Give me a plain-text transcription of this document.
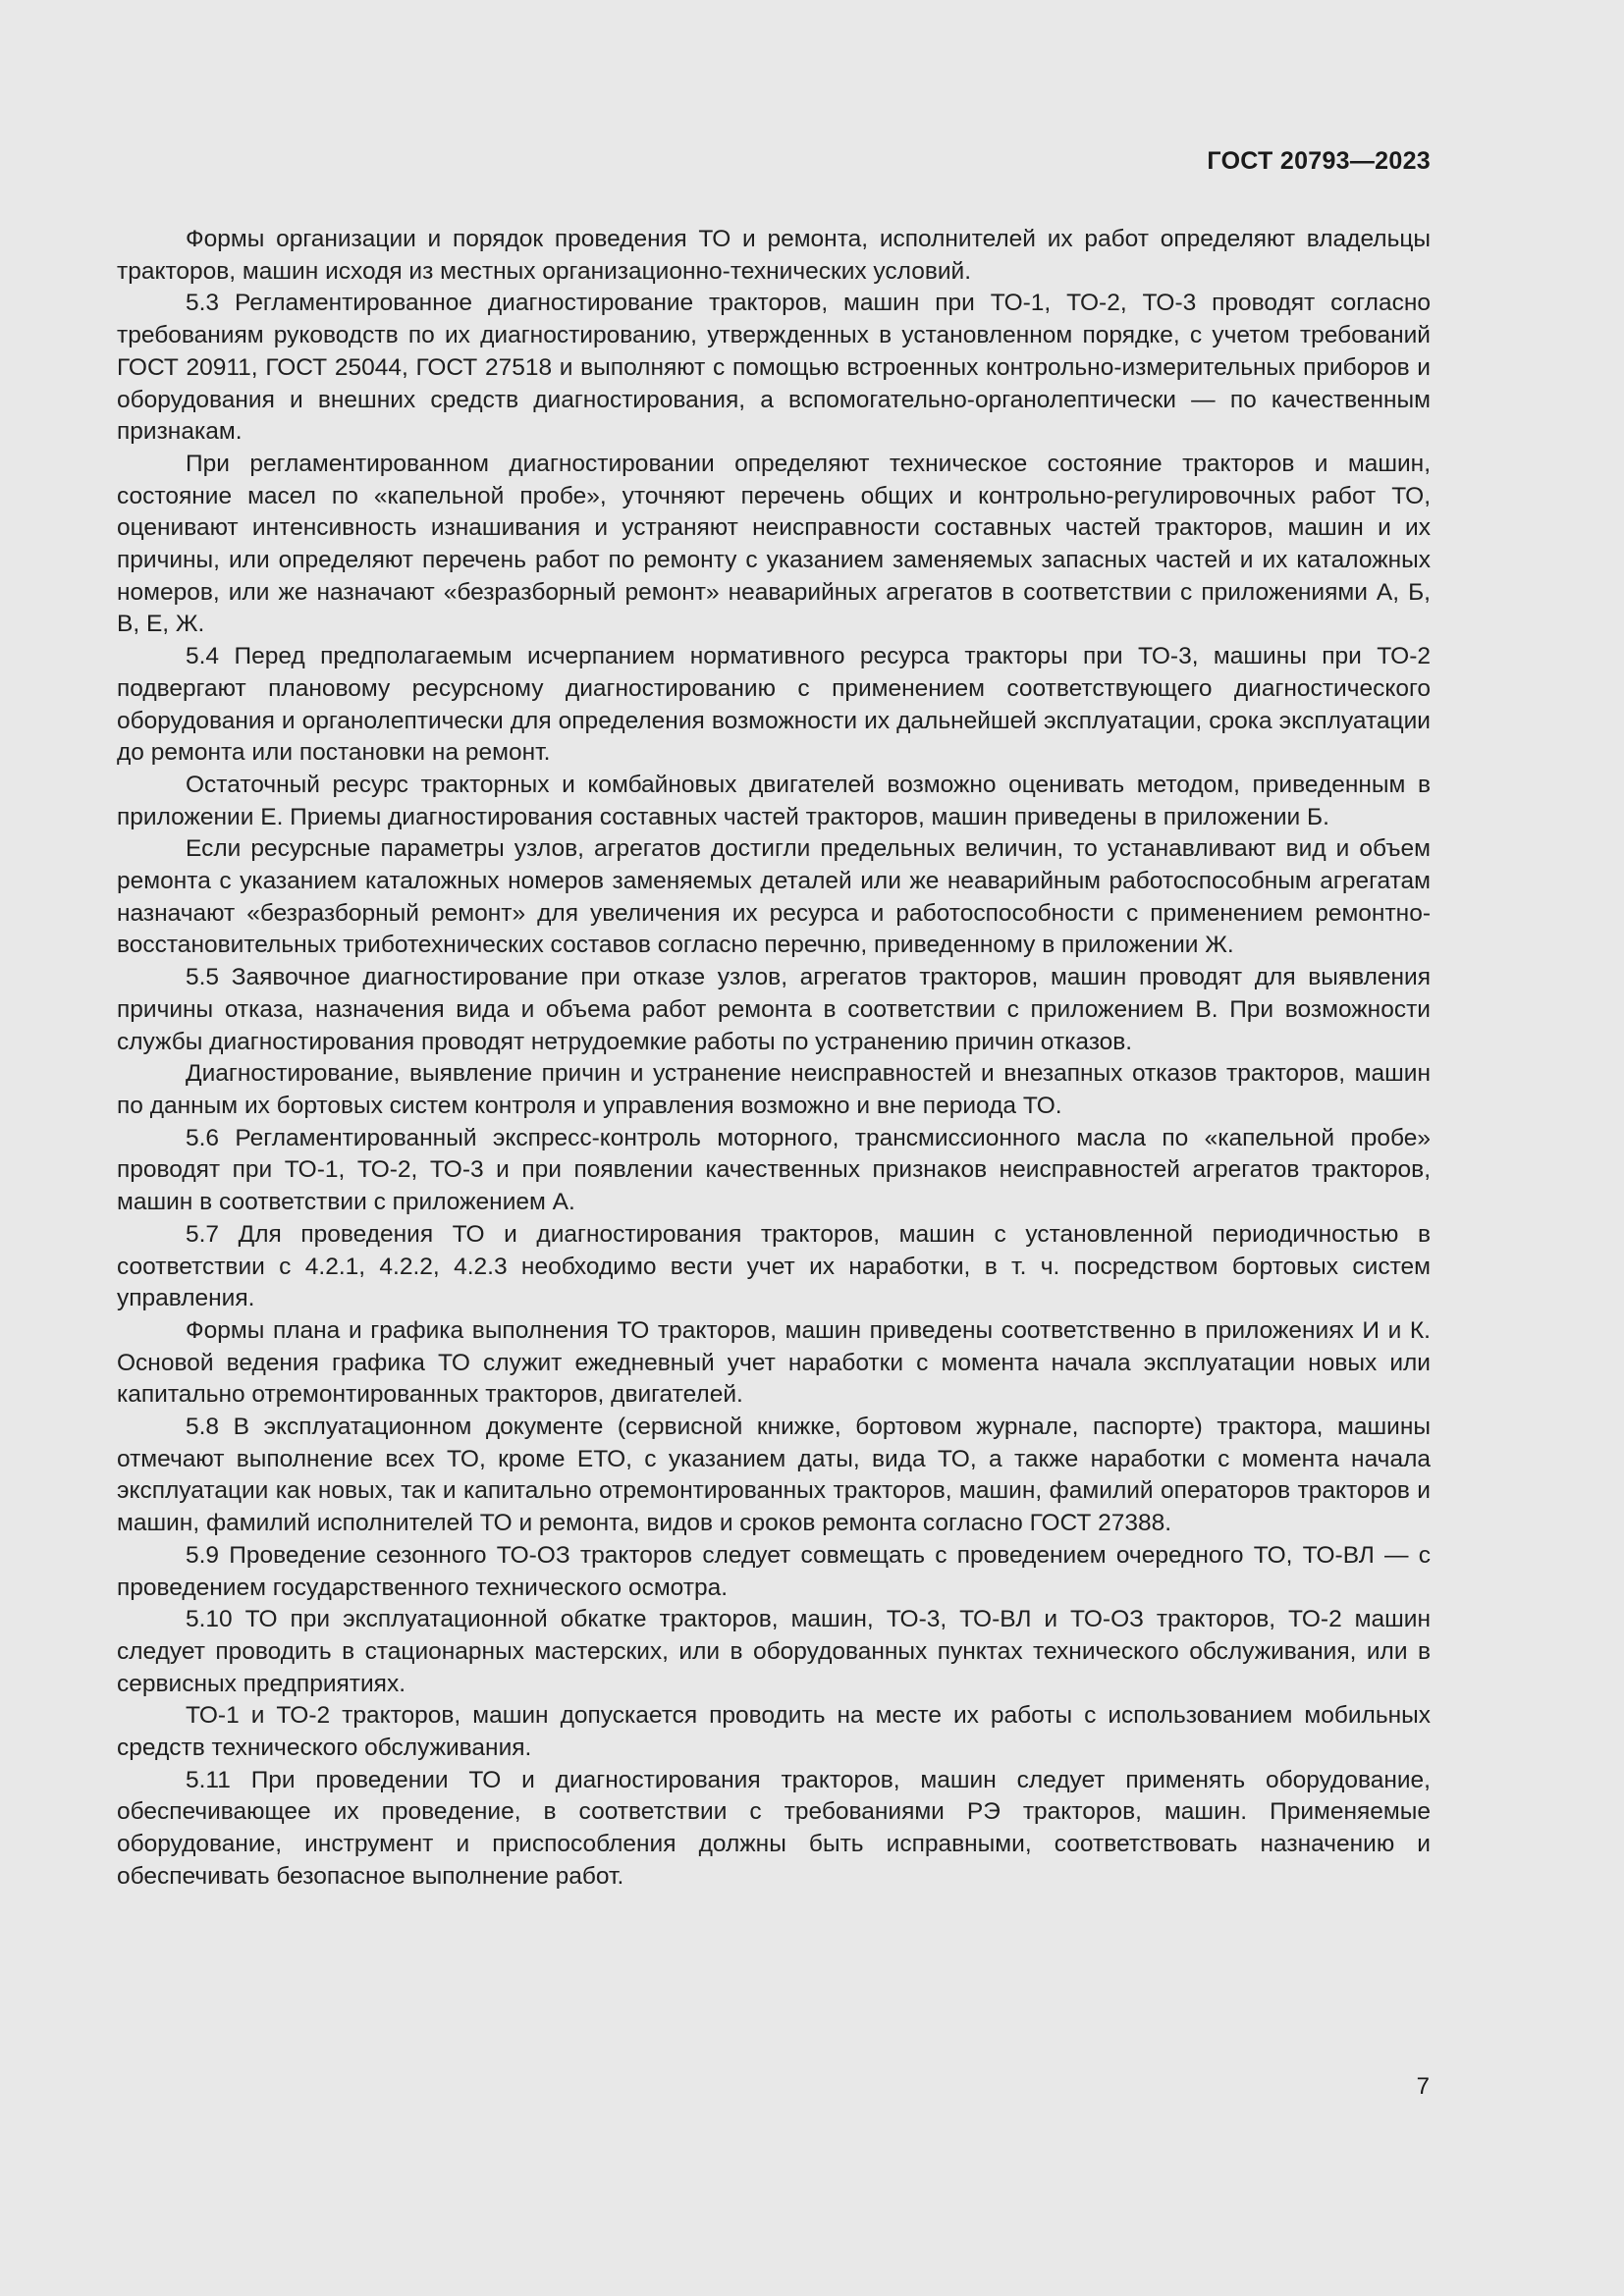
ГОСТ 20793—2023

Формы организации и порядок проведения ТО и ремонта, исполнителей их работ определяют владельцы тракторов, машин исходя из местных организационно-технических условий.

5.3 Регламентированное диагностирование тракторов, машин при ТО-1, ТО-2, ТО-3 проводят согласно требованиям руководств по их диагностированию, утвержденных в установленном порядке, с учетом требований ГОСТ 20911, ГОСТ 25044, ГОСТ 27518 и выполняют с помощью встроенных контрольно-измерительных приборов и оборудования и внешних средств диагностирования, а вспомогательно-органолептически — по качественным признакам.

При регламентированном диагностировании определяют техническое состояние тракторов и машин, состояние масел по «капельной пробе», уточняют перечень общих и контрольно-регулировочных работ ТО, оценивают интенсивность изнашивания и устраняют неисправности составных частей тракторов, машин и их причины, или определяют перечень работ по ремонту с указанием заменяемых запасных частей и их каталожных номеров, или же назначают «безразборный ремонт» неаварийных агрегатов в соответствии с приложениями А, Б, В, Е, Ж.

5.4 Перед предполагаемым исчерпанием нормативного ресурса тракторы при ТО-3, машины при ТО-2 подвергают плановому ресурсному диагностированию с применением соответствующего диагностического оборудования и органолептически для определения возможности их дальнейшей эксплуатации, срока эксплуатации до ремонта или постановки на ремонт.

Остаточный ресурс тракторных и комбайновых двигателей возможно оценивать методом, приведенным в приложении Е. Приемы диагностирования составных частей тракторов, машин приведены в приложении Б.

Если ресурсные параметры узлов, агрегатов достигли предельных величин, то устанавливают вид и объем ремонта с указанием каталожных номеров заменяемых деталей или же неаварийным работоспособным агрегатам назначают «безразборный ремонт» для увеличения их ресурса и работоспособности с применением ремонтно-восстановительных триботехнических составов согласно перечню, приведенному в приложении Ж.

5.5 Заявочное диагностирование при отказе узлов, агрегатов тракторов, машин проводят для выявления причины отказа, назначения вида и объема работ ремонта в соответствии с приложением В. При возможности службы диагностирования проводят нетрудоемкие работы по устранению причин отказов.

Диагностирование, выявление причин и устранение неисправностей и внезапных отказов тракторов, машин по данным их бортовых систем контроля и управления возможно и вне периода ТО.

5.6 Регламентированный экспресс-контроль моторного, трансмиссионного масла по «капельной пробе» проводят при ТО-1, ТО-2, ТО-3 и при появлении качественных признаков неисправностей агрегатов тракторов, машин в соответствии с приложением А.

5.7 Для проведения ТО и диагностирования тракторов, машин с установленной периодичностью в соответствии с 4.2.1, 4.2.2, 4.2.3 необходимо вести учет их наработки, в т. ч. посредством бортовых систем управления.

Формы плана и графика выполнения ТО тракторов, машин приведены соответственно в приложениях И и К. Основой ведения графика ТО служит ежедневный учет наработки с момента начала эксплуатации новых или капитально отремонтированных тракторов, двигателей.

5.8 В эксплуатационном документе (сервисной книжке, бортовом журнале, паспорте) трактора, машины отмечают выполнение всех ТО, кроме ЕТО, с указанием даты, вида ТО, а также наработки с момента начала эксплуатации как новых, так и капитально отремонтированных тракторов, машин, фамилий операторов тракторов и машин, фамилий исполнителей ТО и ремонта, видов и сроков ремонта согласно ГОСТ 27388.

5.9 Проведение сезонного ТО-ОЗ тракторов следует совмещать с проведением очередного ТО, ТО-ВЛ — с проведением государственного технического осмотра.

5.10 ТО при эксплуатационной обкатке тракторов, машин, ТО-3, ТО-ВЛ и ТО-ОЗ тракторов, ТО-2 машин следует проводить в стационарных мастерских, или в оборудованных пунктах технического обслуживания, или в сервисных предприятиях.

ТО-1 и ТО-2 тракторов, машин допускается проводить на месте их работы с использованием мобильных средств технического обслуживания.

5.11 При проведении ТО и диагностирования тракторов, машин следует применять оборудование, обеспечивающее их проведение, в соответствии с требованиями РЭ тракторов, машин. Применяемые оборудование, инструмент и приспособления должны быть исправными, соответствовать назначению и обеспечивать безопасное выполнение работ.

7
